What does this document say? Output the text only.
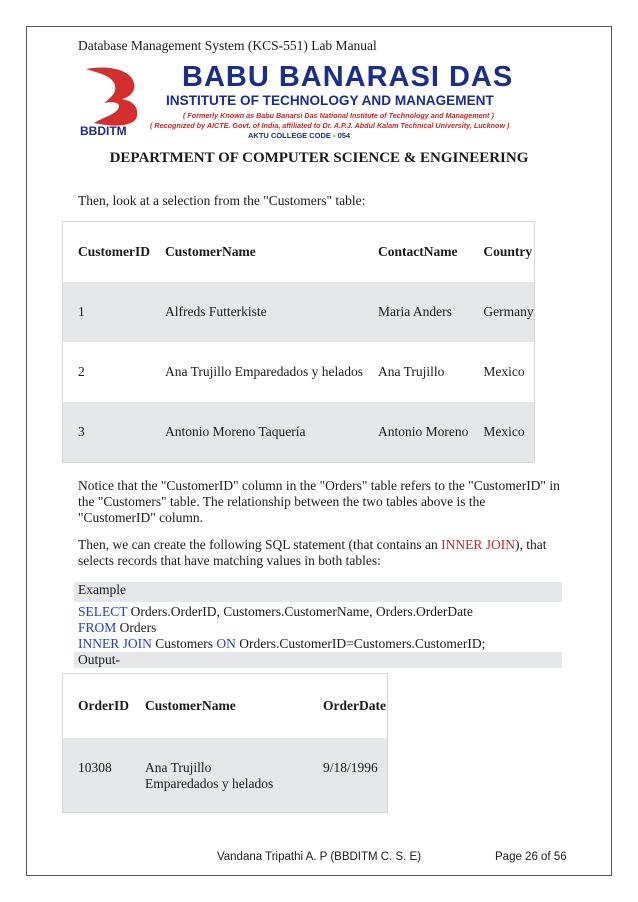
Database Management System (KCS-551) Lab Manual
BBDITM
BABU BANARASI DAS
INSTITUTE OF TECHNOLOGY AND MANAGEMENT
( Formerly Known as Babu Banarsi Das National Institute of Technology and Management )
( Recognized by AICTE. Govt. of India, affiliated to Dr. A.P.J. Abdul Kalam Technical University, Lucknow )
AKTU COLLEGE CODE - 054
DEPARTMENT OF COMPUTER SCIENCE & ENGINEERING
Then, look at a selection from the "Customers" table:
CustomerID	CustomerName	ContactName	Country
1	Alfreds Futterkiste	Maria Anders	Germany
2	Ana Trujillo Emparedados y helados	Ana Trujillo	Mexico
3	Antonio Moreno Taquería	Antonio Moreno	Mexico
Notice that the "CustomerID" column in the "Orders" table refers to the "CustomerID" in the "Customers" table. The relationship between the two tables above is the "CustomerID" column.
Then, we can create the following SQL statement (that contains an INNER JOIN), that selects records that have matching values in both tables:
Example
SELECT Orders.OrderID, Customers.CustomerName, Orders.OrderDate
FROM Orders
INNER JOIN Customers ON Orders.CustomerID=Customers.CustomerID;
Output-
OrderID	CustomerName	OrderDate
10308	Ana Trujillo Emparedados y helados	9/18/1996
Vandana Tripathi A. P (BBDITM C. S. E)	Page 26 of 56
